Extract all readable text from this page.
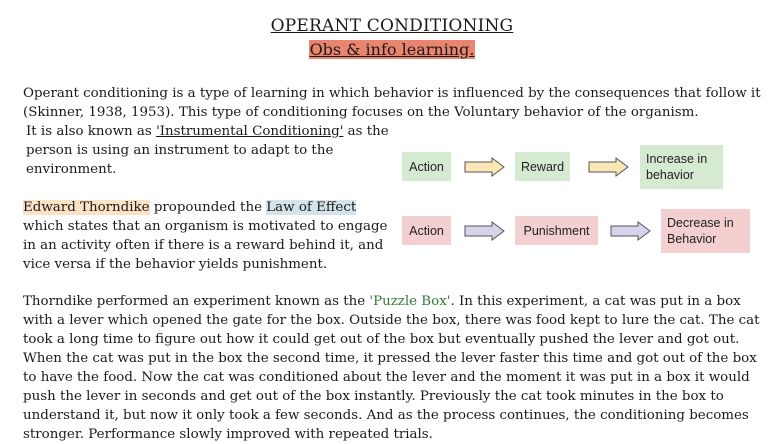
OPERANT CONDITIONING
Obs & info learning.
Operant conditioning is a type of learning in which behavior is influenced by the consequences that follow it (Skinner, 1938, 1953). This type of conditioning focuses on the Voluntary behavior of the organism.
It is also known as 'Instrumental Conditioning' as the person is using an instrument to adapt to the environment.
Edward Thorndike propounded the Law of Effect which states that an organism is motivated to engage in an activity often if there is a reward behind it, and vice versa if the behavior yields punishment.
Thorndike performed an experiment known as the 'Puzzle Box'. In this experiment, a cat was put in a box with a lever which opened the gate for the box. Outside the box, there was food kept to lure the cat. The cat took a long time to figure out how it could get out of the box but eventually pushed the lever and got out. When the cat was put in the box the second time, it pressed the lever faster this time and got out of the box to have the food. Now the cat was conditioned about the lever and the moment it was put in a box it would push the lever in seconds and get out of the box instantly. Previously the cat took minutes in the box to understand it, but now it only took a few seconds. And as the process continues, the conditioning becomes stronger. Performance slowly improved with repeated trials.
Action	Reward
Increase in
behavior
Action	Punishment
Decrease in
Behavior
